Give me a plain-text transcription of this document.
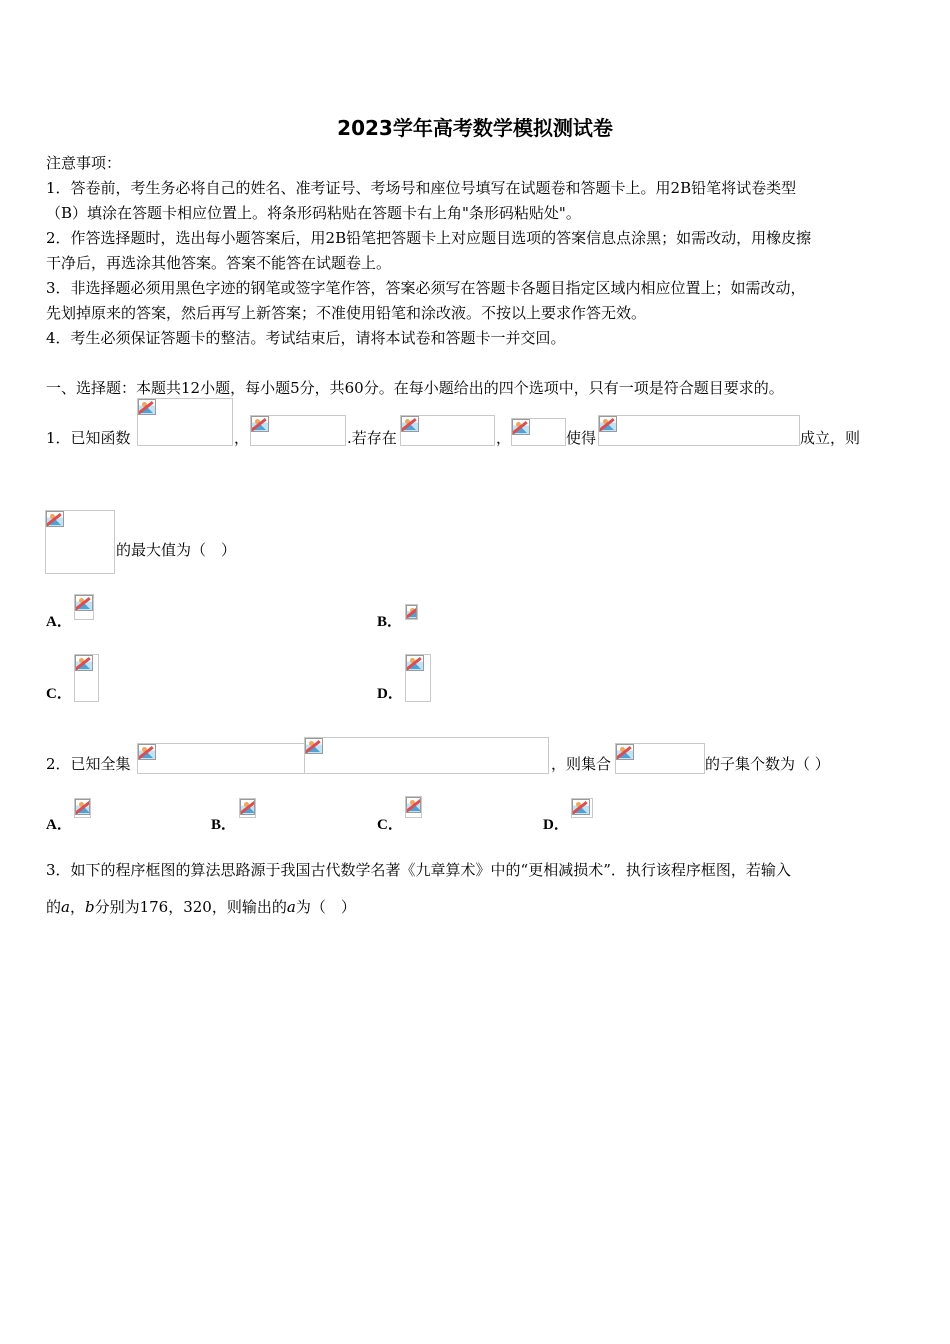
2023学年高考数学模拟测试卷
注意事项：
1．答卷前，考生务必将自己的姓名、准考证号、考场号和座位号填写在试题卷和答题卡上。用2B铅笔将试卷类型
（B）填涂在答题卡相应位置上。将条形码粘贴在答题卡右上角"条形码粘贴处"。
2．作答选择题时，选出每小题答案后，用2B铅笔把答题卡上对应题目选项的答案信息点涂黑；如需改动，用橡皮擦
干净后，再选涂其他答案。答案不能答在试题卷上。
3．非选择题必须用黑色字迹的钢笔或签字笔作答，答案必须写在答题卡各题目指定区域内相应位置上；如需改动，
先划掉原来的答案，然后再写上新答案；不准使用铅笔和涂改液。不按以上要求作答无效。
4．考生必须保证答题卡的整洁。考试结束后，请将本试卷和答题卡一并交回。
一、选择题：本题共12小题，每小题5分，共60分。在每小题给出的四个选项中，只有一项是符合题目要求的。
1．已知函数	，	.若存在	，	使得	成立，则
的最大值为（　）
A．	B．
C．	D．
2．已知全集	，则集合	的子集个数为（ ）
A．	B．	C．	D．
3．如下的程序框图的算法思路源于我国古代数学名著《九章算术》中的“更相减损术”．执行该程序框图，若输入
的a，b分别为176，320，则输出的a为（　）
